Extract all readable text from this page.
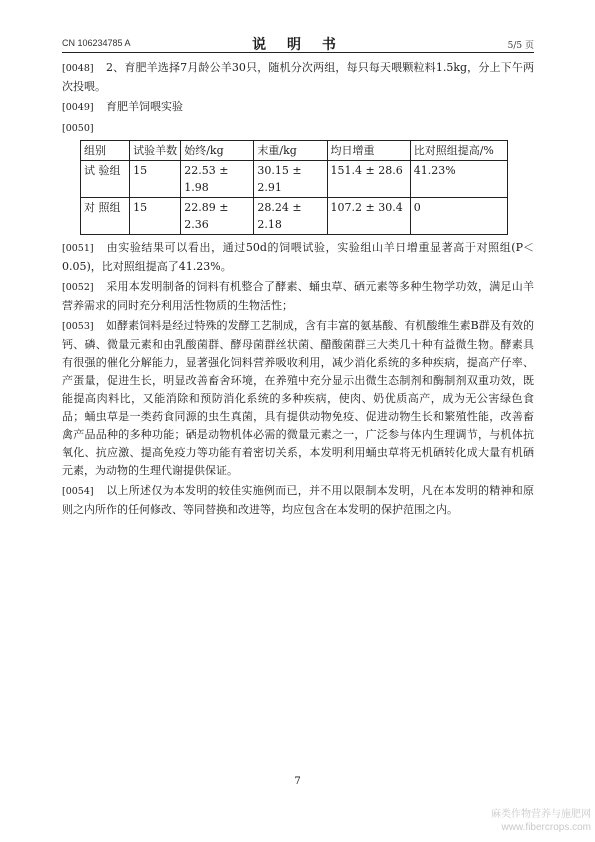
CN 106234785 A	说 明 书	5/5 页

[0048] 2、育肥羊选择7月龄公羊30只，随机分次两组，每只每天喂颗粒料1.5kg，分上下午两次投喂。

[0049] 育肥羊饲喂实验

[0050]

组别	试验羊数	始终/kg	末重/kg	均日增重	比对照组提高/%
试 验组	15	22.53 ± 1.98	30.15 ± 2.91	151.4 ± 28.6	41.23%
对 照组	15	22.89 ± 2.36	28.24 ± 2.18	107.2 ± 30.4	0

[0051] 由实验结果可以看出，通过50d的饲喂试验，实验组山羊日增重显著高于对照组(P＜0.05)，比对照组提高了41.23%。

[0052] 采用本发明制备的饲料有机整合了酵素、蛹虫草、硒元素等多种生物学功效，满足山羊营养需求的同时充分利用活性物质的生物活性；

[0053] 如酵素饲料是经过特殊的发酵工艺制成，含有丰富的氨基酸、有机酸维生素B群及有效的钙、磷、微量元素和由乳酸菌群、酵母菌群丝状菌、醋酸菌群三大类几十种有益微生物。酵素具有很强的催化分解能力，显著强化饲料营养吸收利用，减少消化系统的多种疾病，提高产仔率、产蛋量，促进生长，明显改善畜舍环境，在养殖中充分显示出微生态制剂和酶制剂双重功效，既能提高肉料比，又能消除和预防消化系统的多种疾病，使肉、奶优质高产，成为无公害绿色食品；蛹虫草是一类药食同源的虫生真菌，具有提供动物免疫、促进动物生长和繁殖性能，改善畜禽产品品种的多种功能；硒是动物机体必需的微量元素之一，广泛参与体内生理调节，与机体抗氧化、抗应激、提高免疫力等功能有着密切关系，本发明利用蛹虫草将无机硒转化成大量有机硒元素，为动物的生理代谢提供保证。

[0054] 以上所述仅为本发明的较佳实施例而已，并不用以限制本发明，凡在本发明的精神和原则之内所作的任何修改、等同替换和改进等，均应包含在本发明的保护范围之内。

7
麻类作物营养与施肥网
www.fibercrops.com
